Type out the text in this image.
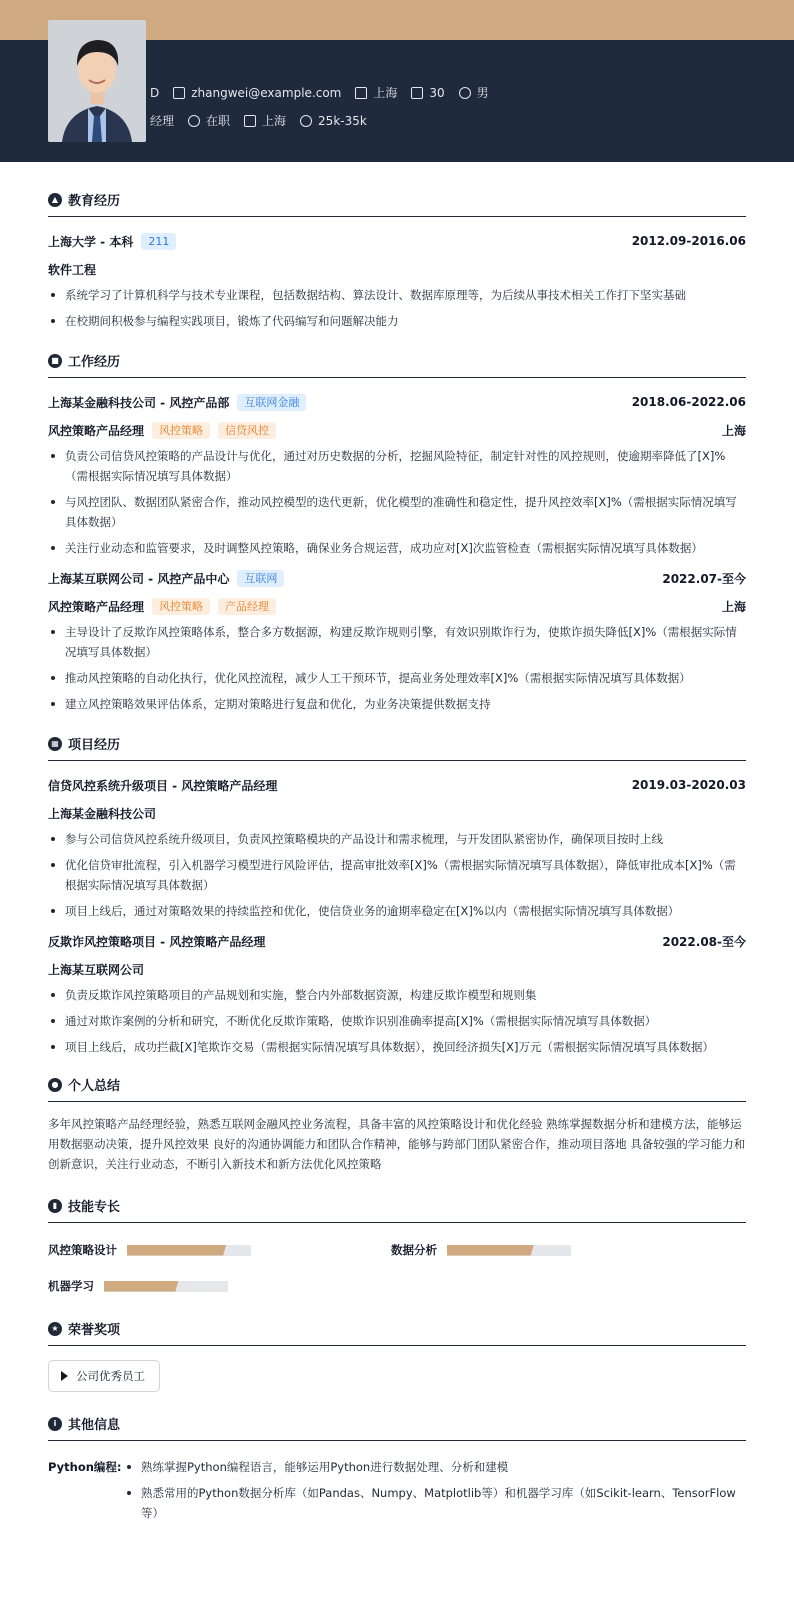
D	zhangwei@example.com	上海	30	男
经理	在职	上海	25k-35k
▲ 教育经历
上海大学 - 本科	211	2012.09-2016.06
软件工程
系统学习了计算机科学与技术专业课程，包括数据结构、算法设计、数据库原理等，为后续从事技术相关工作打下坚实基础
在校期间积极参与编程实践项目，锻炼了代码编写和问题解决能力
■ 工作经历
上海某金融科技公司 - 风控产品部	互联网金融	2018.06-2022.06
风控策略产品经理	风控策略	信贷风控	上海
负责公司信贷风控策略的产品设计与优化，通过对历史数据的分析，挖掘风险特征，制定针对性的风控规则，使逾期率降低了[X]%（需根据实际情况填写具体数据）
与风控团队、数据团队紧密合作，推动风控模型的迭代更新，优化模型的准确性和稳定性，提升风控效率[X]%（需根据实际情况填写具体数据）
关注行业动态和监管要求，及时调整风控策略，确保业务合规运营，成功应对[X]次监管检查（需根据实际情况填写具体数据）
上海某互联网公司 - 风控产品中心	互联网	2022.07-至今
风控策略产品经理	风控策略	产品经理	上海
主导设计了反欺诈风控策略体系，整合多方数据源，构建反欺诈规则引擎，有效识别欺诈行为，使欺诈损失降低[X]%（需根据实际情况填写具体数据）
推动风控策略的自动化执行，优化风控流程，减少人工干预环节，提高业务处理效率[X]%（需根据实际情况填写具体数据）
建立风控策略效果评估体系，定期对策略进行复盘和优化，为业务决策提供数据支持
▦ 项目经历
信贷风控系统升级项目 - 风控策略产品经理	2019.03-2020.03
上海某金融科技公司
参与公司信贷风控系统升级项目，负责风控策略模块的产品设计和需求梳理，与开发团队紧密协作，确保项目按时上线
优化信贷审批流程，引入机器学习模型进行风险评估，提高审批效率[X]%（需根据实际情况填写具体数据），降低审批成本[X]%（需根据实际情况填写具体数据）
项目上线后，通过对策略效果的持续监控和优化，使信贷业务的逾期率稳定在[X]%以内（需根据实际情况填写具体数据）
反欺诈风控策略项目 - 风控策略产品经理	2022.08-至今
上海某互联网公司
负责反欺诈风控策略项目的产品规划和实施，整合内外部数据资源，构建反欺诈模型和规则集
通过对欺诈案例的分析和研究，不断优化反欺诈策略，使欺诈识别准确率提高[X]%（需根据实际情况填写具体数据）
项目上线后，成功拦截[X]笔欺诈交易（需根据实际情况填写具体数据），挽回经济损失[X]万元（需根据实际情况填写具体数据）
● 个人总结

多年风控策略产品经理经验，熟悉互联网金融风控业务流程，具备丰富的风控策略设计和优化经验 熟练掌握数据分析和建模方法，能够运用数据驱动决策，提升风控效果 良好的沟通协调能力和团队合作精神，能够与跨部门团队紧密合作，推动项目落地 具备较强的学习能力和创新意识，关注行业动态，不断引入新技术和新方法优化风控策略

▮ 技能专长
风控策略设计	数据分析
机器学习
★ 荣誉奖项
公司优秀员工
i 其他信息
Python编程:	熟练掌握Python编程语言，能够运用Python进行数据处理、分析和建模
熟悉常用的Python数据分析库（如Pandas、Numpy、Matplotlib等）和机器学习库（如Scikit-learn、TensorFlow等）
